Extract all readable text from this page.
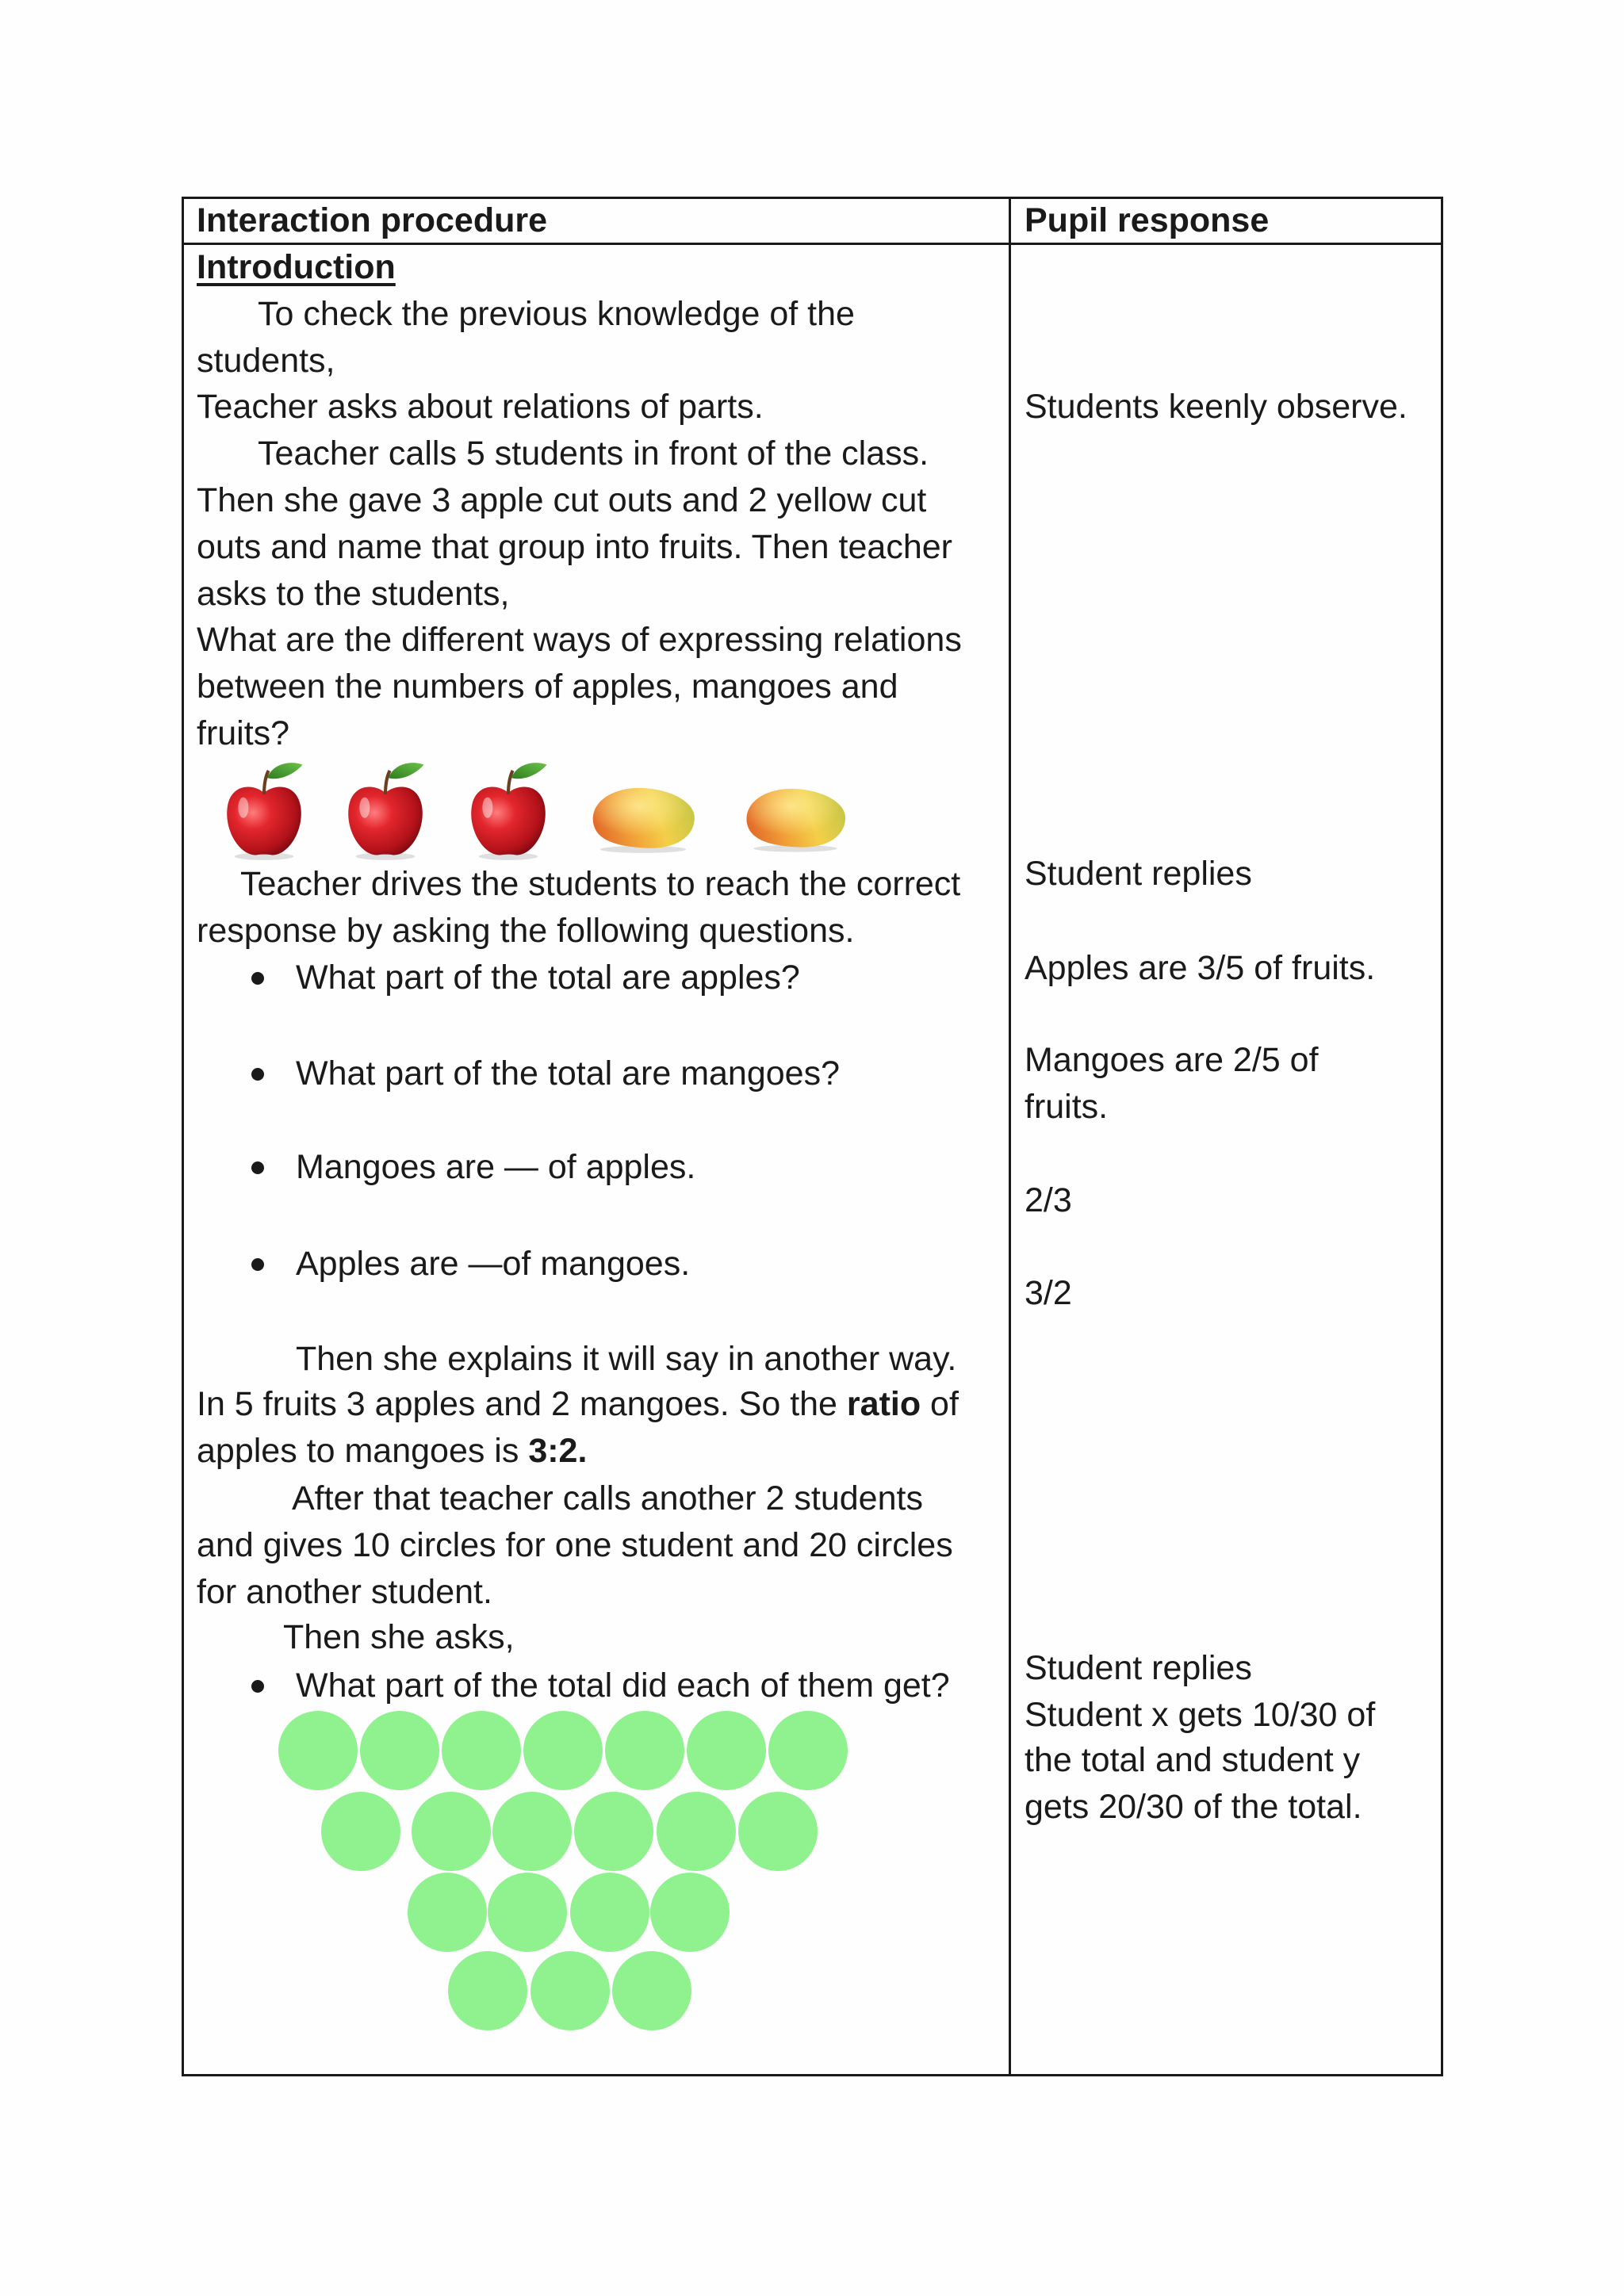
Interaction procedure	Pupil response
Introduction
To check the previous knowledge of the
students,
Teacher asks about relations of parts.
Teacher calls 5 students in front of the class.
Then she gave 3 apple cut outs and 2 yellow cut
outs and name that group into fruits. Then teacher
asks to the students,
What are the different ways of expressing relations
between the numbers of apples, mangoes and
fruits?
Teacher drives the students to reach the correct
response by asking the following questions.
What part of the total are apples?
What part of the total are mangoes?
Mangoes are — of apples.
Apples are —of mangoes.
Then she explains it will say in another way.
In 5 fruits 3 apples and 2 mangoes. So the ratio of
apples to mangoes is 3:2.
After that teacher calls another 2 students
and gives 10 circles for one student and 20 circles
for another student.
Then she asks,
What part of the total did each of them get?
Students keenly observe.
Student replies
Apples are 3/5 of fruits.
Mangoes are 2/5 of
fruits.
2/3
3/2
Student replies
Student x gets 10/30 of
the total and student y
gets 20/30 of the total.
